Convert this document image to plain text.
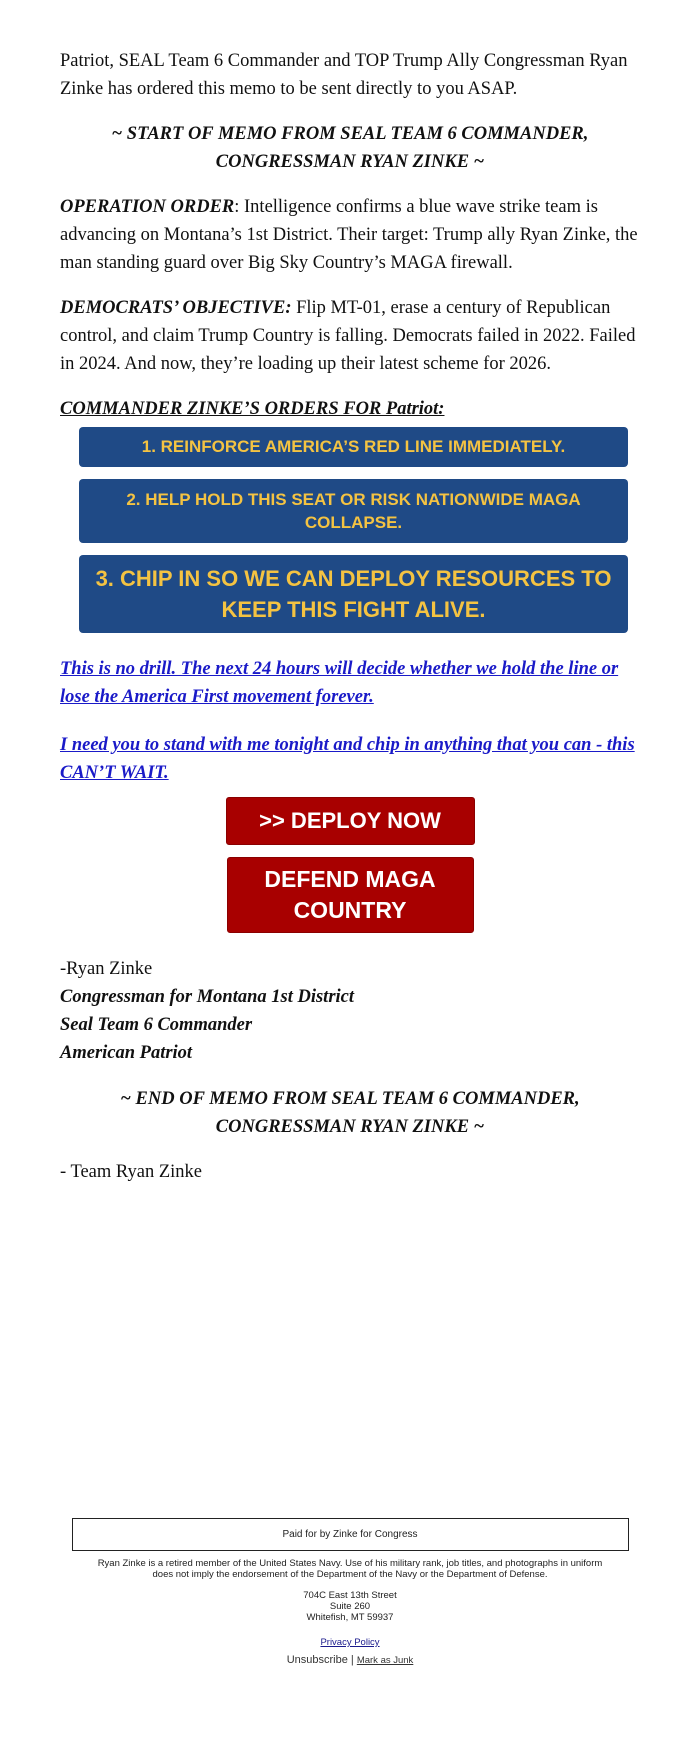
Patriot, SEAL Team 6 Commander and TOP Trump Ally Congressman Ryan Zinke has ordered this memo to be sent directly to you ASAP.

~ START OF MEMO FROM SEAL TEAM 6 COMMANDER, CONGRESSMAN RYAN ZINKE ~

OPERATION ORDER: Intelligence confirms a blue wave strike team is advancing on Montana’s 1st District. Their target: Trump ally Ryan Zinke, the man standing guard over Big Sky Country’s MAGA firewall.

DEMOCRATS’ OBJECTIVE: Flip MT-01, erase a century of Republican control, and claim Trump Country is falling. Democrats failed in 2022. Failed in 2024. And now, they’re loading up their latest scheme for 2026.

COMMANDER ZINKE’S ORDERS FOR Patriot:
1. REINFORCE AMERICA’S RED LINE IMMEDIATELY.
2. HELP HOLD THIS SEAT OR RISK NATIONWIDE MAGA COLLAPSE.
3. CHIP IN SO WE CAN DEPLOY RESOURCES TO KEEP THIS FIGHT ALIVE.
This is no drill. The next 24 hours will decide whether we hold the line or lose the America First movement forever.
I need you to stand with me tonight and chip in anything that you can - this CAN’T WAIT.
>> DEPLOY NOW
DEFEND MAGA COUNTRY
-Ryan Zinke
Congressman for Montana 1st District
Seal Team 6 Commander
American Patriot

~ END OF MEMO FROM SEAL TEAM 6 COMMANDER, CONGRESSMAN RYAN ZINKE ~

- Team Ryan Zinke

Paid for by Zinke for Congress
Ryan Zinke is a retired member of the United States Navy. Use of his military rank, job titles, and photographs in uniform does not imply the endorsement of the Department of the Navy or the Department of Defense.
704C East 13th Street
Suite 260
Whitefish, MT 59937
Privacy Policy
Unsubscribe | Mark as Junk
